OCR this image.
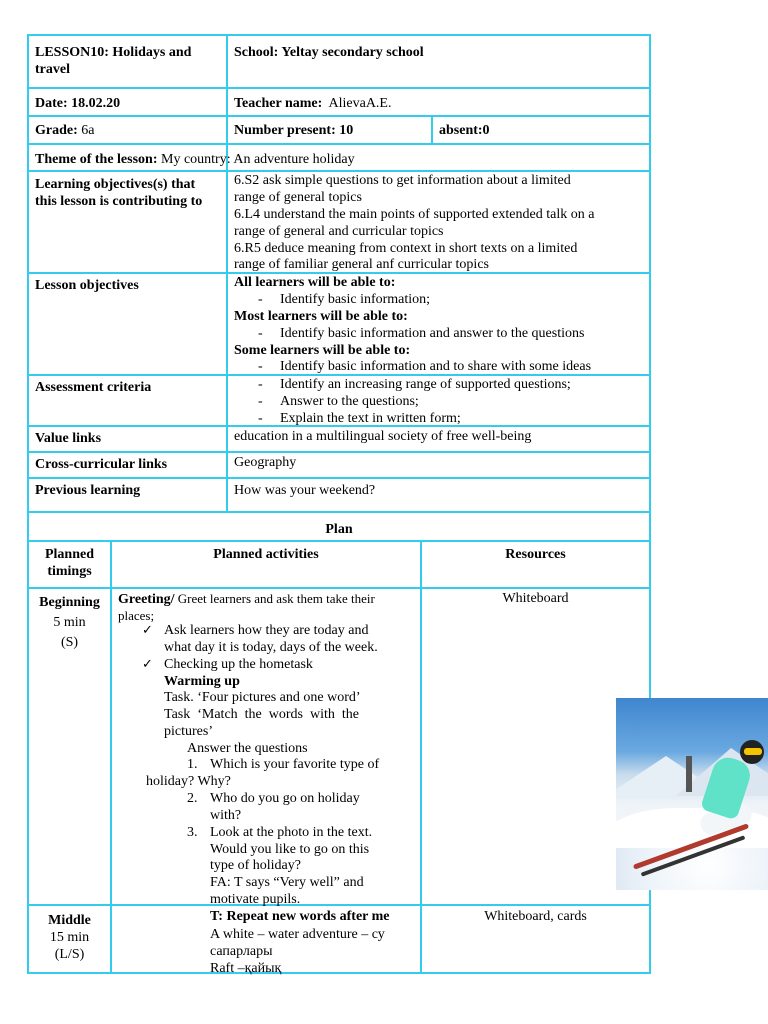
LESSON10: Holidays and
travel
School: Yeltay secondary school
Date: 18.02.20	Teacher name: AlievaA.E.
Grade: 6a	Number present: 10	absent:0
Theme of the lesson: My country: An adventure holiday
Learning objectives(s) that
this lesson is contributing to
6.S2 ask simple questions to get information about a limited
range of general topics
6.L4 understand the main points of supported extended talk on a
range of general and curricular topics
6.R5 deduce meaning from context in short texts on a limited
range of familiar general anf curricular topics
Lesson objectives	All learners will be able to:
- Identify basic information;
Most learners will be able to:
- Identify basic information and answer to the questions
Some learners will be able to:
- Identify basic information and to share with some ideas
Assessment criteria
-	Identify an increasing range of supported questions;
- Answer to the questions;
- Explain the text in written form;
Value links	education in a multilingual society of free well-being
Cross-curricular links	Geography
Previous learning	How was your weekend?
Plan
Planned
timings
Planned activities	Resources
Beginning
5 min
(S)
Greeting/ Greet learners and ask them take their
places;
✓ Ask learners how they are today and
what day it is today, days of the week.
✓ Checking up the hometask
Warming up
Task. ‘Four pictures and one word’
Task  ‘Match  the  words  with  the
pictures’
Answer the questions
1. Which is your favorite type of
holiday? Why?
2. Who do you go on holiday
with?
3. Look at the photo in the text.
Would you like to go on this
type of holiday?
FA: T says “Very well” and
motivate pupils.
Whiteboard
Middle
15 min
(L/S)
T: Repeat new words after me
A white – water adventure – су
сапарлары
Raft –қайық
Whiteboard, cards
